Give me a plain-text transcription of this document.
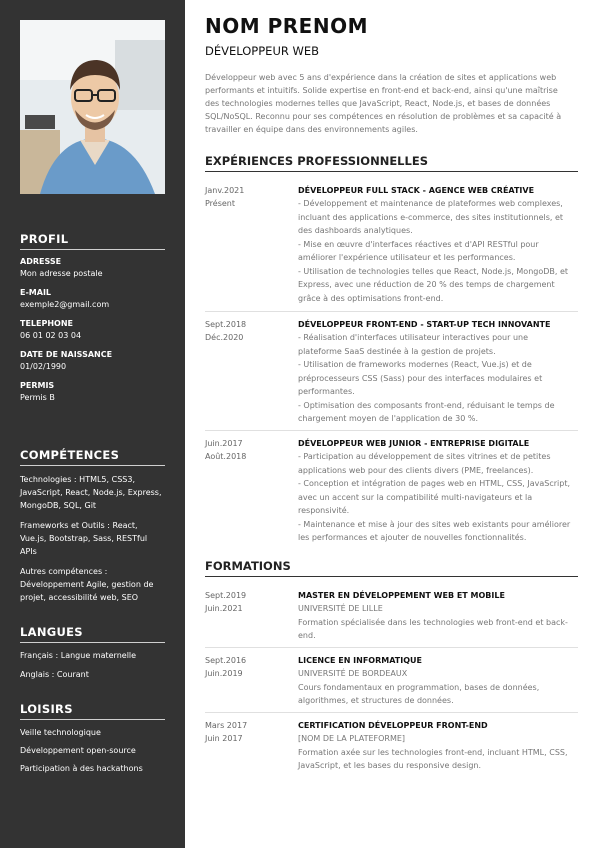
PROFIL
ADRESSE
Mon adresse postale
E-MAIL
exemple2@gmail.com
TELEPHONE
06 01 02 03 04
DATE DE NAISSANCE
01/02/1990
PERMIS
Permis B
COMPÉTENCES
Technologies : HTML5, CSS3,
JavaScript, React, Node.js, Express,
MongoDB, SQL, Git
Frameworks et Outils : React,
Vue.js, Bootstrap, Sass, RESTful
APIs
Autres compétences :
Développement Agile, gestion de
projet, accessibilité web, SEO
LANGUES
Français : Langue maternelle
Anglais : Courant
LOISIRS
Veille technologique
Développement open-source
Participation à des hackathons
NOM PRENOM
DÉVELOPPEUR WEB
Développeur web avec 5 ans d'expérience dans la création de sites et applications web
performants et intuitifs. Solide expertise en front-end et back-end, ainsi qu'une maîtrise
des technologies modernes telles que JavaScript, React, Node.js, et bases de données
SQL/NoSQL. Reconnu pour ses compétences en résolution de problèmes et sa capacité à
travailler en équipe dans des environnements agiles.
EXPÉRIENCES PROFESSIONNELLES
Janv.2021
Présent
DÉVELOPPEUR FULL STACK - AGENCE WEB CRÉATIVE
- Développement et maintenance de plateformes web complexes,
incluant des applications e-commerce, des sites institutionnels, et
des dashboards analytiques.
- Mise en œuvre d'interfaces réactives et d'API RESTful pour
améliorer l'expérience utilisateur et les performances.
- Utilisation de technologies telles que React, Node.js, MongoDB, et
Express, avec une réduction de 20 % des temps de chargement
grâce à des optimisations front-end.
Sept.2018
Déc.2020
DÉVELOPPEUR FRONT-END - START-UP TECH INNOVANTE
- Réalisation d'interfaces utilisateur interactives pour une
plateforme SaaS destinée à la gestion de projets.
- Utilisation de frameworks modernes (React, Vue.js) et de
préprocesseurs CSS (Sass) pour des interfaces modulaires et
performantes.
- Optimisation des composants front-end, réduisant le temps de
chargement moyen de l'application de 30 %.
Juin.2017
Août.2018
DÉVELOPPEUR WEB JUNIOR - ENTREPRISE DIGITALE
- Participation au développement de sites vitrines et de petites
applications web pour des clients divers (PME, freelances).
- Conception et intégration de pages web en HTML, CSS, JavaScript,
avec un accent sur la compatibilité multi-navigateurs et la
responsivité.
- Maintenance et mise à jour des sites web existants pour améliorer
les performances et ajouter de nouvelles fonctionnalités.
FORMATIONS
Sept.2019
Juin.2021
MASTER EN DÉVELOPPEMENT WEB ET MOBILE
UNIVERSITÉ DE LILLE
Formation spécialisée dans les technologies web front-end et back-
end.
Sept.2016
Juin.2019
LICENCE EN INFORMATIQUE
UNIVERSITÉ DE BORDEAUX
Cours fondamentaux en programmation, bases de données,
algorithmes, et structures de données.
Mars 2017
Juin 2017
CERTIFICATION DÉVELOPPEUR FRONT-END
[NOM DE LA PLATEFORME]
Formation axée sur les technologies front-end, incluant HTML, CSS,
JavaScript, et les bases du responsive design.
